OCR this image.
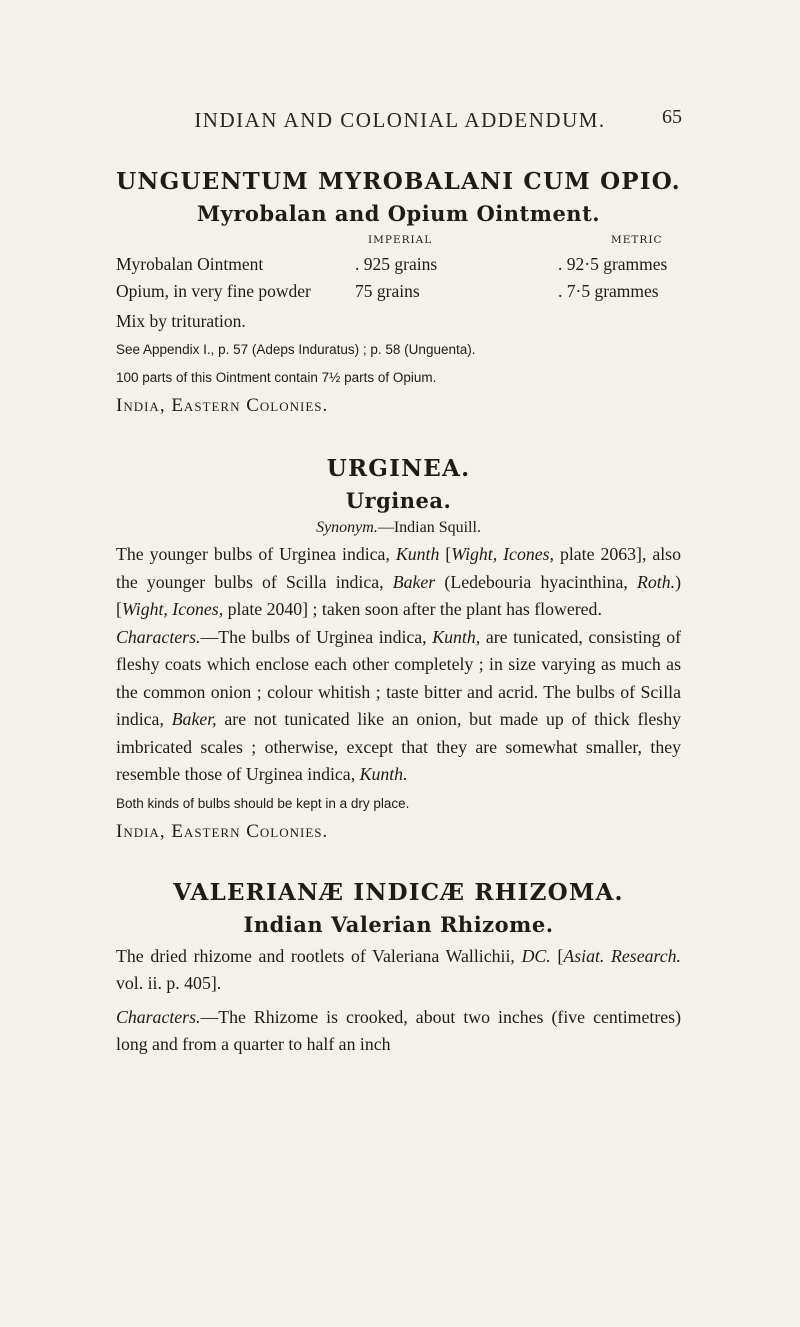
INDIAN AND COLONIAL ADDENDUM.	65
UNGUENTUM MYROBALANI CUM OPIO.
Myrobalan and Opium Ointment.
IMPERIAL	METRIC
Myrobalan Ointment	. 925 grains	. 92·5 grammes
Opium, in very fine powder	75 grains	. 7·5 grammes

Mix by trituration.

See Appendix I., p. 57 (Adeps Induratus) ; p. 58 (Unguenta).

100 parts of this Ointment contain 7½ parts of Opium.

India, Eastern Colonies.

URGINEA.
Urginea.

Synonym.—Indian Squill.

The younger bulbs of Urginea indica, Kunth [Wight, Icones, plate 2063], also the younger bulbs of Scilla indica, Baker (Ledebouria hyacinthina, Roth.) [Wight, Icones, plate 2040] ; taken soon after the plant has flowered.

Characters.—The bulbs of Urginea indica, Kunth, are tunicated, consisting of fleshy coats which enclose each other completely ; in size varying as much as the common onion ; colour whitish ; taste bitter and acrid. The bulbs of Scilla indica, Baker, are not tunicated like an onion, but made up of thick fleshy imbricated scales ; otherwise, except that they are somewhat smaller, they resemble those of Urginea indica, Kunth.

Both kinds of bulbs should be kept in a dry place.

India, Eastern Colonies.

VALERIANÆ INDICÆ RHIZOMA.
Indian Valerian Rhizome.

The dried rhizome and rootlets of Valeriana Wallichii, DC. [Asiat. Research. vol. ii. p. 405].

Characters.—The Rhizome is crooked, about two inches (five centimetres) long and from a quarter to half an inch
